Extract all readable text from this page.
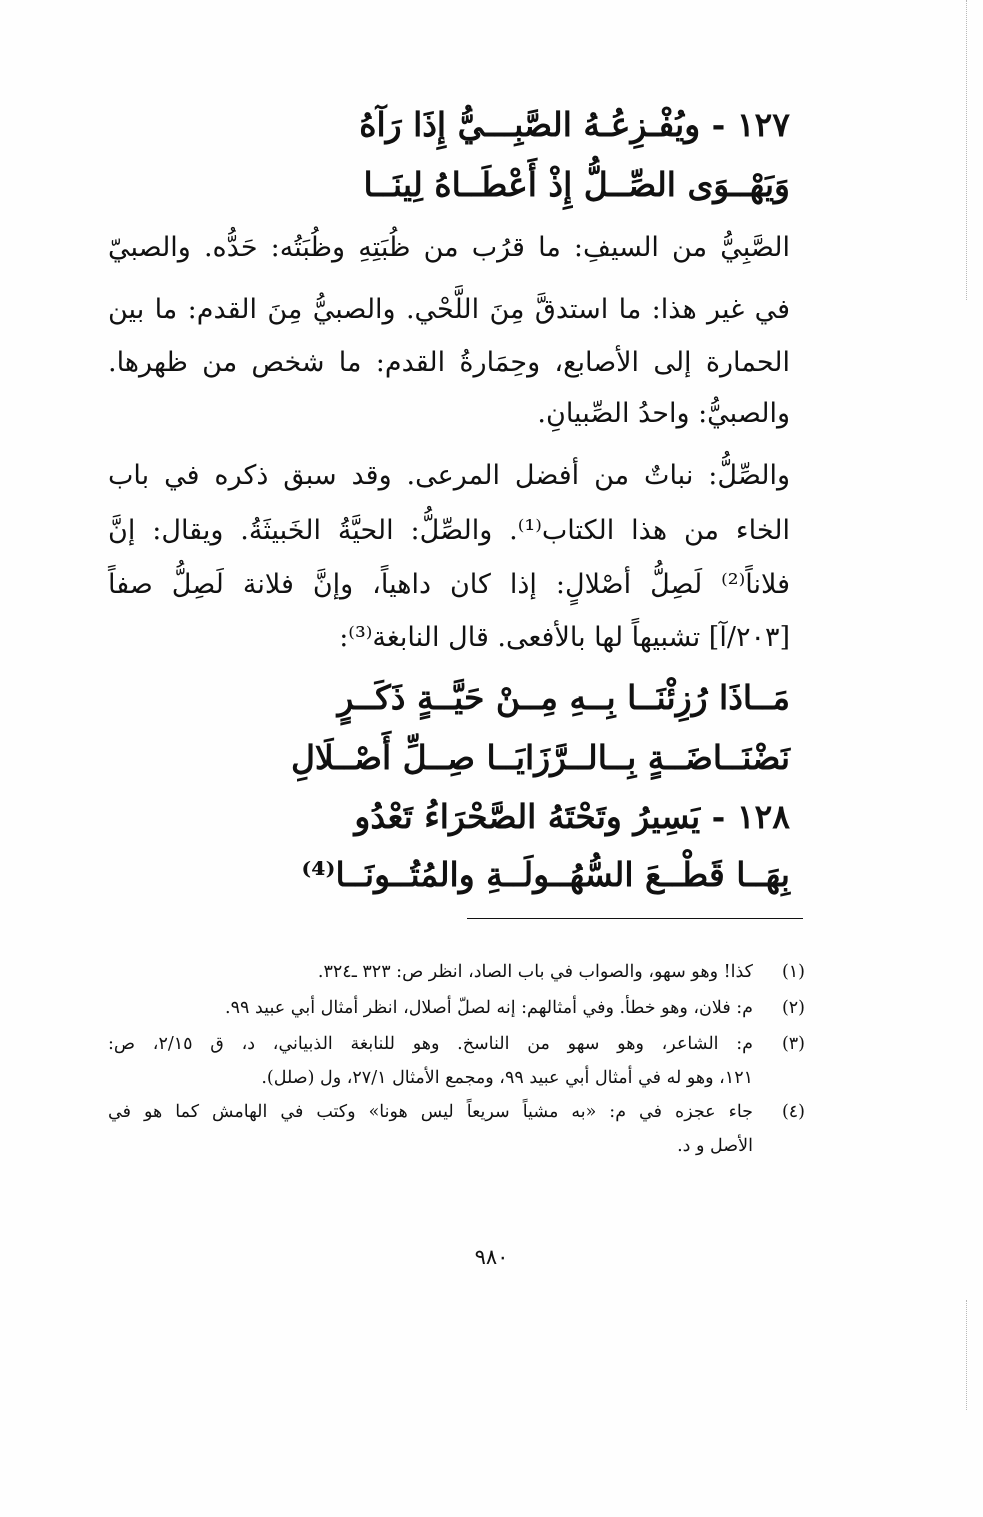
١٢٧ - ويُفْـزِعُـهُ الصَّبِـــيُّ إِذَا رَآهُ
وَيَهْــوَى الصِّــلُّ إِذْ أَعْطَــاهُ لِينَــا
الصَّبِيُّ من السيفِ: ما قرُب من ظُبَتِهِ وظُبَتُه: حَدُّه. والصبيّ
في غير هذا: ما استدقَّ مِنَ اللَّحْي. والصبيُّ مِنَ القدم: ما بين
الحمارة إلى الأصابع، وحِمَارةُ القدم: ما شخص من ظهرها.
والصبيُّ: واحدُ الصِّبيانِ.
والصِّلُّ: نباتٌ من أفضل المرعى. وقد سبق ذكره في باب
الخاء من هذا الكتاب⁽¹⁾. والصِّلُّ: الحيَّةُ الخَبيثَةُ. ويقال: إنَّ
فلاناً⁽²⁾ لَصِلُّ أصْلالٍ: إذا كان داهياً، وإنَّ فلانة لَصِلُّ صفاً
[٢٠٣/آ] تشبيهاً لها بالأفعى. قال النابغة⁽³⁾:
مَــاذَا رُزِئْنَــا بِــهِ مِــنْ حَيَّــةٍ ذَكَــرٍ
نَضْنَــاضَــةٍ بِــالــرَّزَايَــا صِــلِّ أَصْــلَالِ
١٢٨ - يَسِيرُ وتَحْتَهُ الصَّحْرَاءُ تَعْدُو
بِهَــا قَطْــعَ السُّهُــولَــةِ والمُتُــونَــا⁽⁴⁾
(١)
كذا! وهو سهو، والصواب في باب الصاد، انظر ص: ٣٢٣ ـ٣٢٤.
(٢)
م: فلان، وهو خطأ. وفي أمثالهم: إنه لصلّ أصلال، انظر أمثال أبي عبيد ٩٩.
(٣)
م: الشاعر، وهو سهو من الناسخ. وهو للنابغة الذبياني، د، ق ٢/١٥، ص:
١٢١، وهو له في أمثال أبي عبيد ٩٩، ومجمع الأمثال ٢٧/١، ول (صلل).
(٤)
جاء عجزه في م: «به مشياً سريعاً ليس هونا» وكتب في الهامش كما هو في
الأصل و د.
٩٨٠
